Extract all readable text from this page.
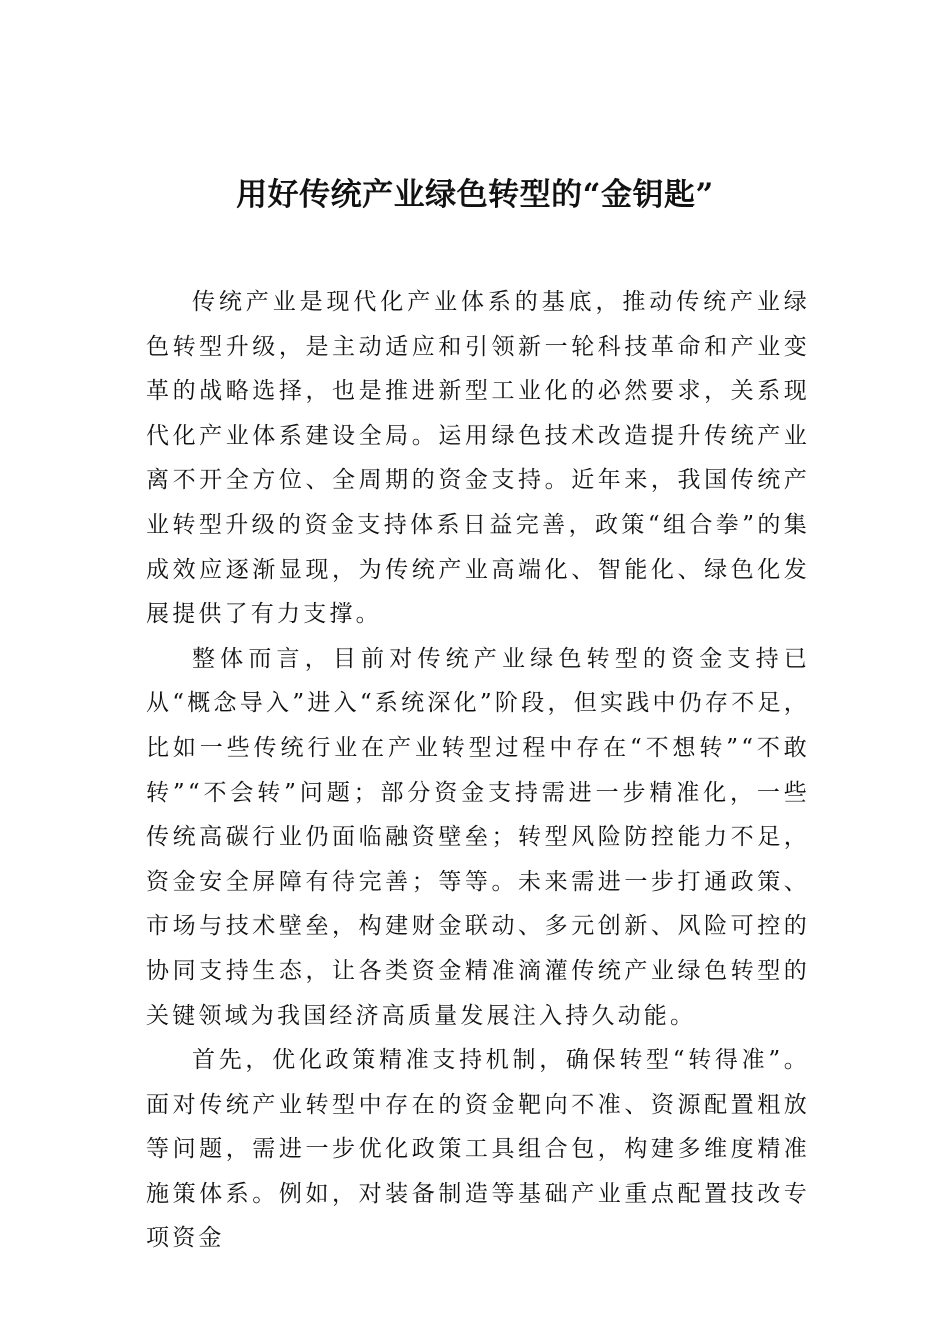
用好传统产业绿色转型的“金钥匙”

传统产业是现代化产业体系的基底，推动传统产业绿色转型升级，是主动适应和引领新一轮科技革命和产业变革的战略选择，也是推进新型工业化的必然要求，关系现代化产业体系建设全局。运用绿色技术改造提升传统产业离不开全方位、全周期的资金支持。近年来，我国传统产业转型升级的资金支持体系日益完善，政策“组合拳”的集成效应逐渐显现，为传统产业高端化、智能化、绿色化发展提供了有力支撑。

整体而言，目前对传统产业绿色转型的资金支持已从“概念导入”进入“系统深化”阶段，但实践中仍存不足，比如一些传统行业在产业转型过程中存在“不想转”“不敢转”“不会转”问题；部分资金支持需进一步精准化，一些传统高碳行业仍面临融资壁垒；转型风险防控能力不足，资金安全屏障有待完善；等等。未来需进一步打通政策、市场与技术壁垒，构建财金联动、多元创新、风险可控的协同支持生态，让各类资金精准滴灌传统产业绿色转型的关键领域为我国经济高质量发展注入持久动能。

首先，优化政策精准支持机制，确保转型“转得准”。面对传统产业转型中存在的资金靶向不准、资源配置粗放等问题，需进一步优化政策工具组合包，构建多维度精准施策体系。例如，对装备制造等基础产业重点配置技改专项资金
